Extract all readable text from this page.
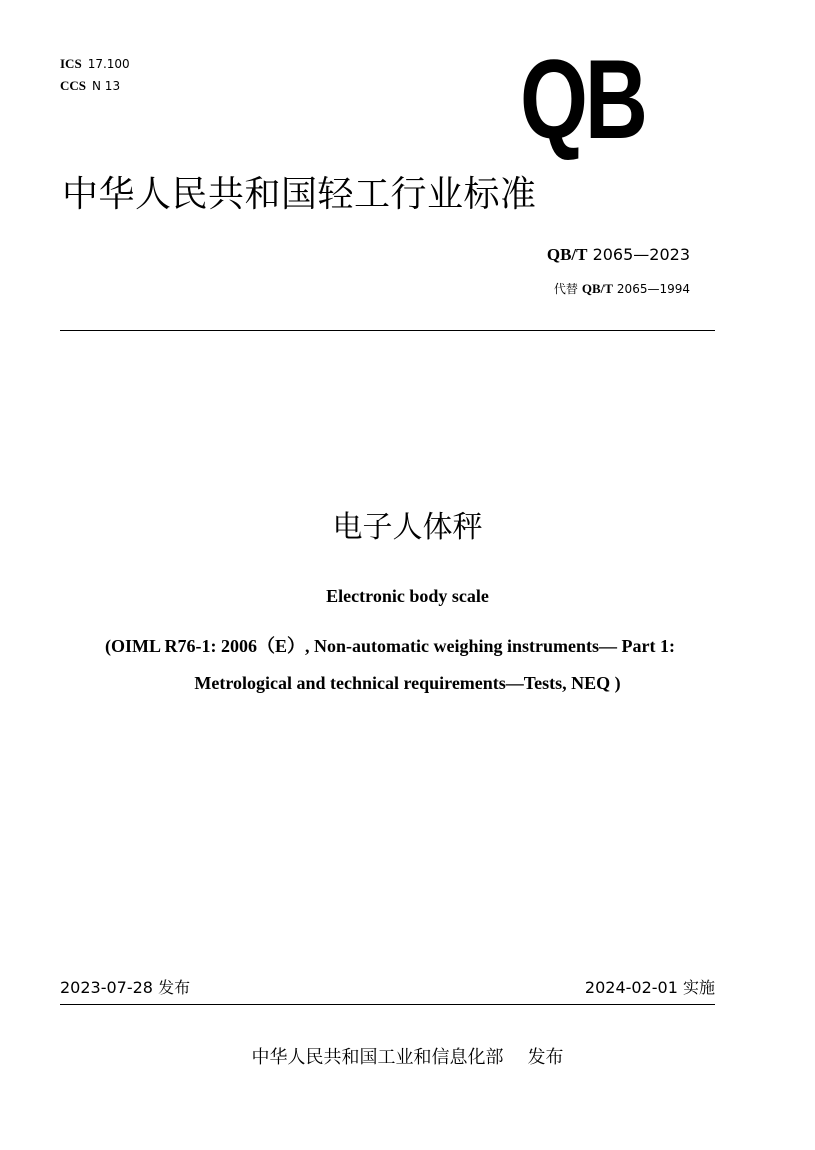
ICS 17.100
CCS N 13	QB
中华人民共和国轻工行业标准
QB/T 2065—2023
代替 QB/T 2065—1994
电子人体秤
Electronic body scale
(OIML R76-1: 2006（E）, Non-automatic weighing instruments— Part 1:
Metrological and technical requirements—Tests, NEQ )
2023-07-28 发布	2024-02-01 实施
中华人民共和国工业和信息化部 发布
